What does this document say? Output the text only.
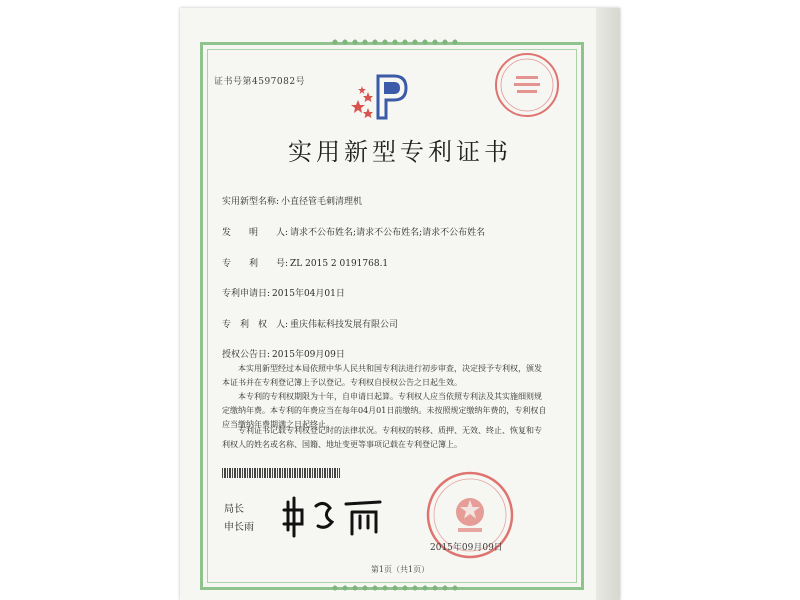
证书号第4597082号
实用新型专利证书
实用新型名称: 小直径管毛刺清理机
发　　明　　人: 请求不公布姓名;请求不公布姓名;请求不公布姓名
专　　利　　号: ZL 2015 2 0191768.1
专利申请日: 2015年04月01日
专　利　权　人: 重庆伟耘科技发展有限公司
授权公告日: 2015年09月09日
本实用新型经过本局依照中华人民共和国专利法进行初步审查，决定授予专利权，颁发本证书并在专利登记簿上予以登记。专利权自授权公告之日起生效。
本专利的专利权期限为十年，自申请日起算。专利权人应当依照专利法及其实施细则规定缴纳年费。本专利的年费应当在每年04月01日前缴纳。未按照规定缴纳年费的，专利权自应当缴纳年费期满之日起终止。
专利证书记载专利权登记时的法律状况。专利权的转移、质押、无效、终止、恢复和专利权人的姓名或名称、国籍、地址变更等事项记载在专利登记簿上。
局长
申长雨
2015年09月09日
第1页（共1页）
